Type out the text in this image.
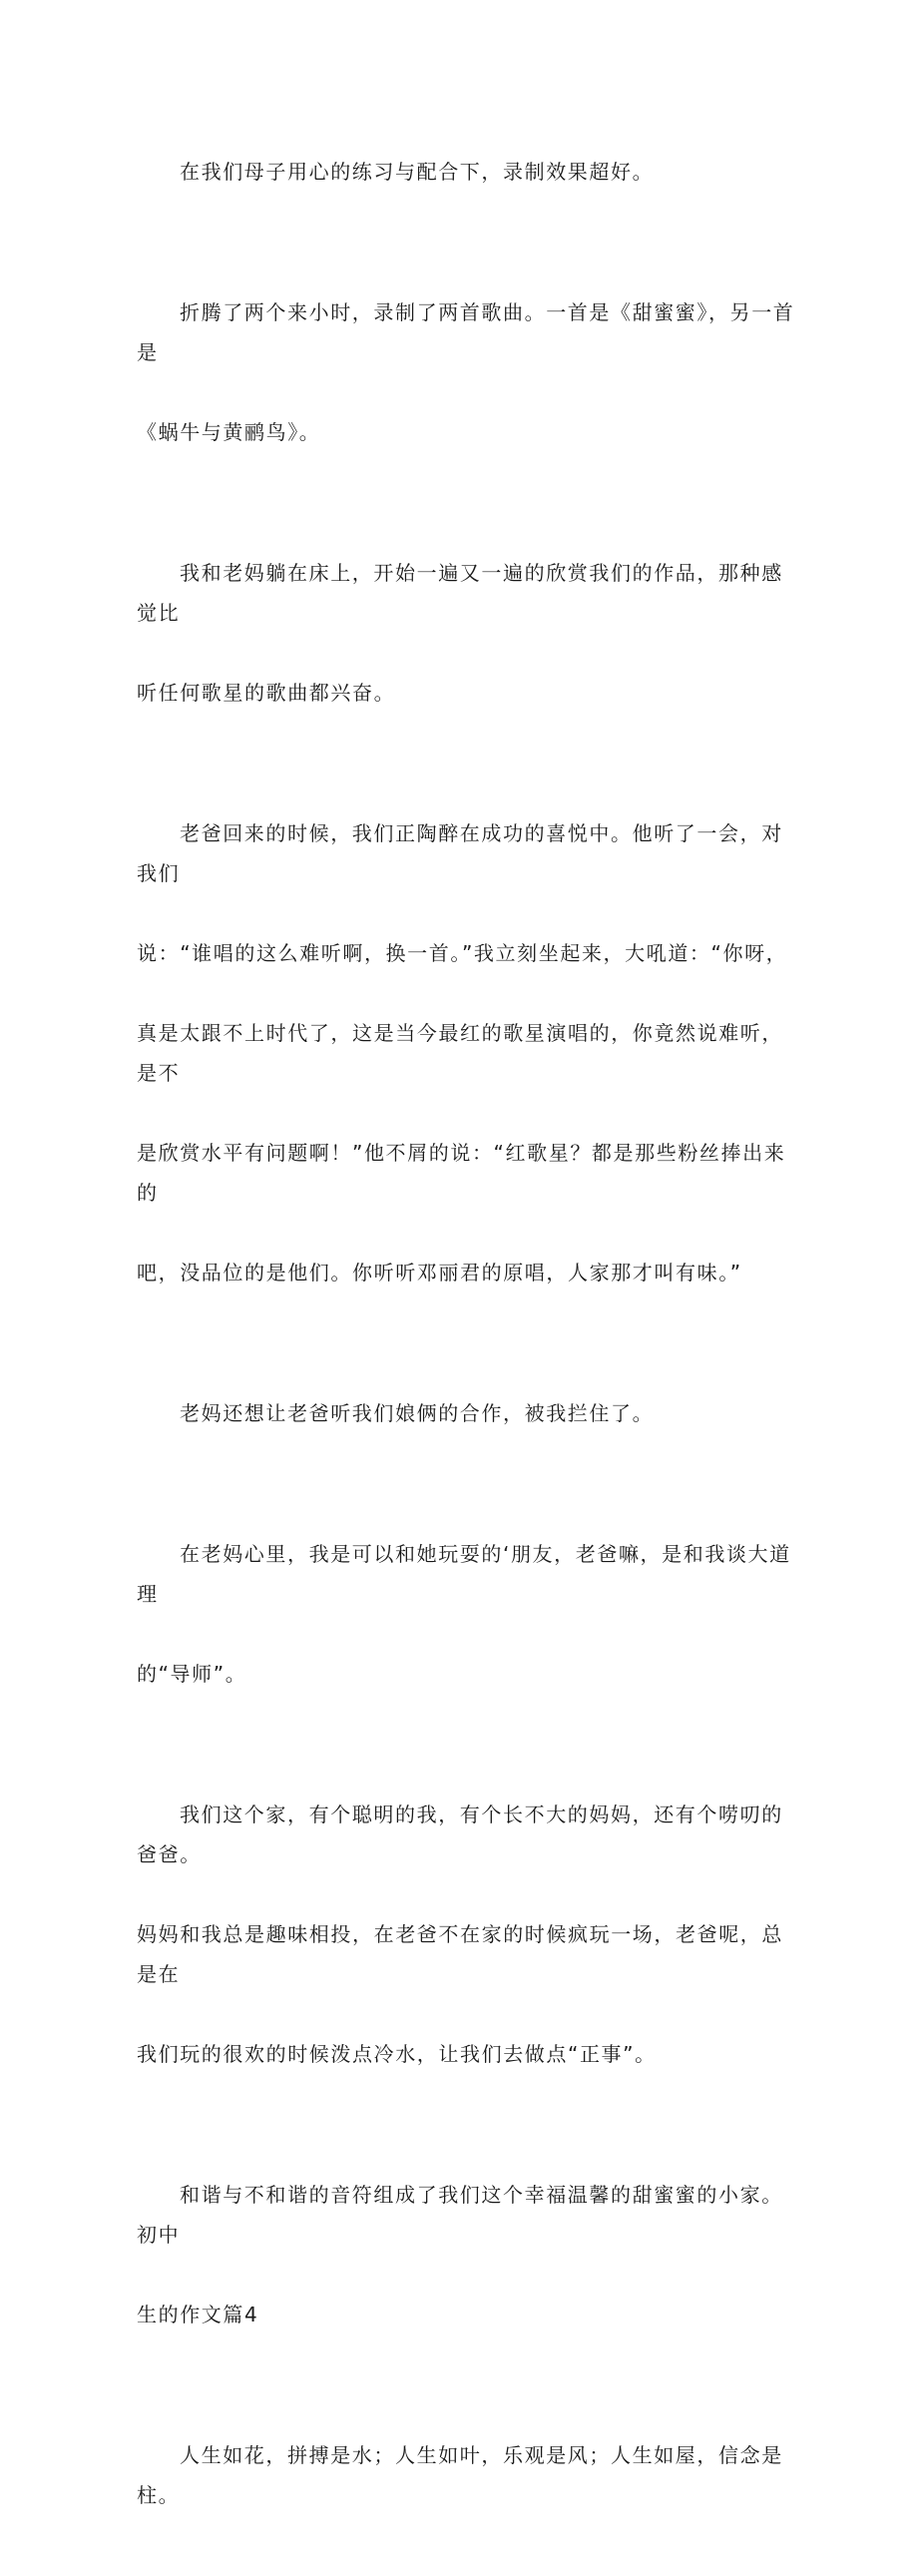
在我们母子用心的练习与配合下，录制效果超好。

折腾了两个来小时，录制了两首歌曲。一首是《甜蜜蜜》，另一首是

《蜗牛与黄鹂鸟》。

我和老妈躺在床上，开始一遍又一遍的欣赏我们的作品，那种感觉比

听任何歌星的歌曲都兴奋。

老爸回来的时候，我们正陶醉在成功的喜悦中。他听了一会，对我们

说：“谁唱的这么难听啊，换一首。”我立刻坐起来，大吼道：“你呀，

真是太跟不上时代了，这是当今最红的歌星演唱的，你竟然说难听，是不

是欣赏水平有问题啊！”他不屑的说：“红歌星？都是那些粉丝捧出来的

吧，没品位的是他们。你听听邓丽君的原唱，人家那才叫有味。”

老妈还想让老爸听我们娘俩的合作，被我拦住了。

在老妈心里，我是可以和她玩耍的‘朋友，老爸嘛，是和我谈大道理

的“导师”。

我们这个家，有个聪明的我，有个长不大的妈妈，还有个唠叨的爸爸。

妈妈和我总是趣味相投，在老爸不在家的时候疯玩一场，老爸呢，总是在

我们玩的很欢的时候泼点冷水，让我们去做点“正事”。

和谐与不和谐的音符组成了我们这个幸福温馨的甜蜜蜜的小家。初中

生的作文篇4

人生如花，拼搏是水；人生如叶，乐观是风；人生如屋，信念是柱。
